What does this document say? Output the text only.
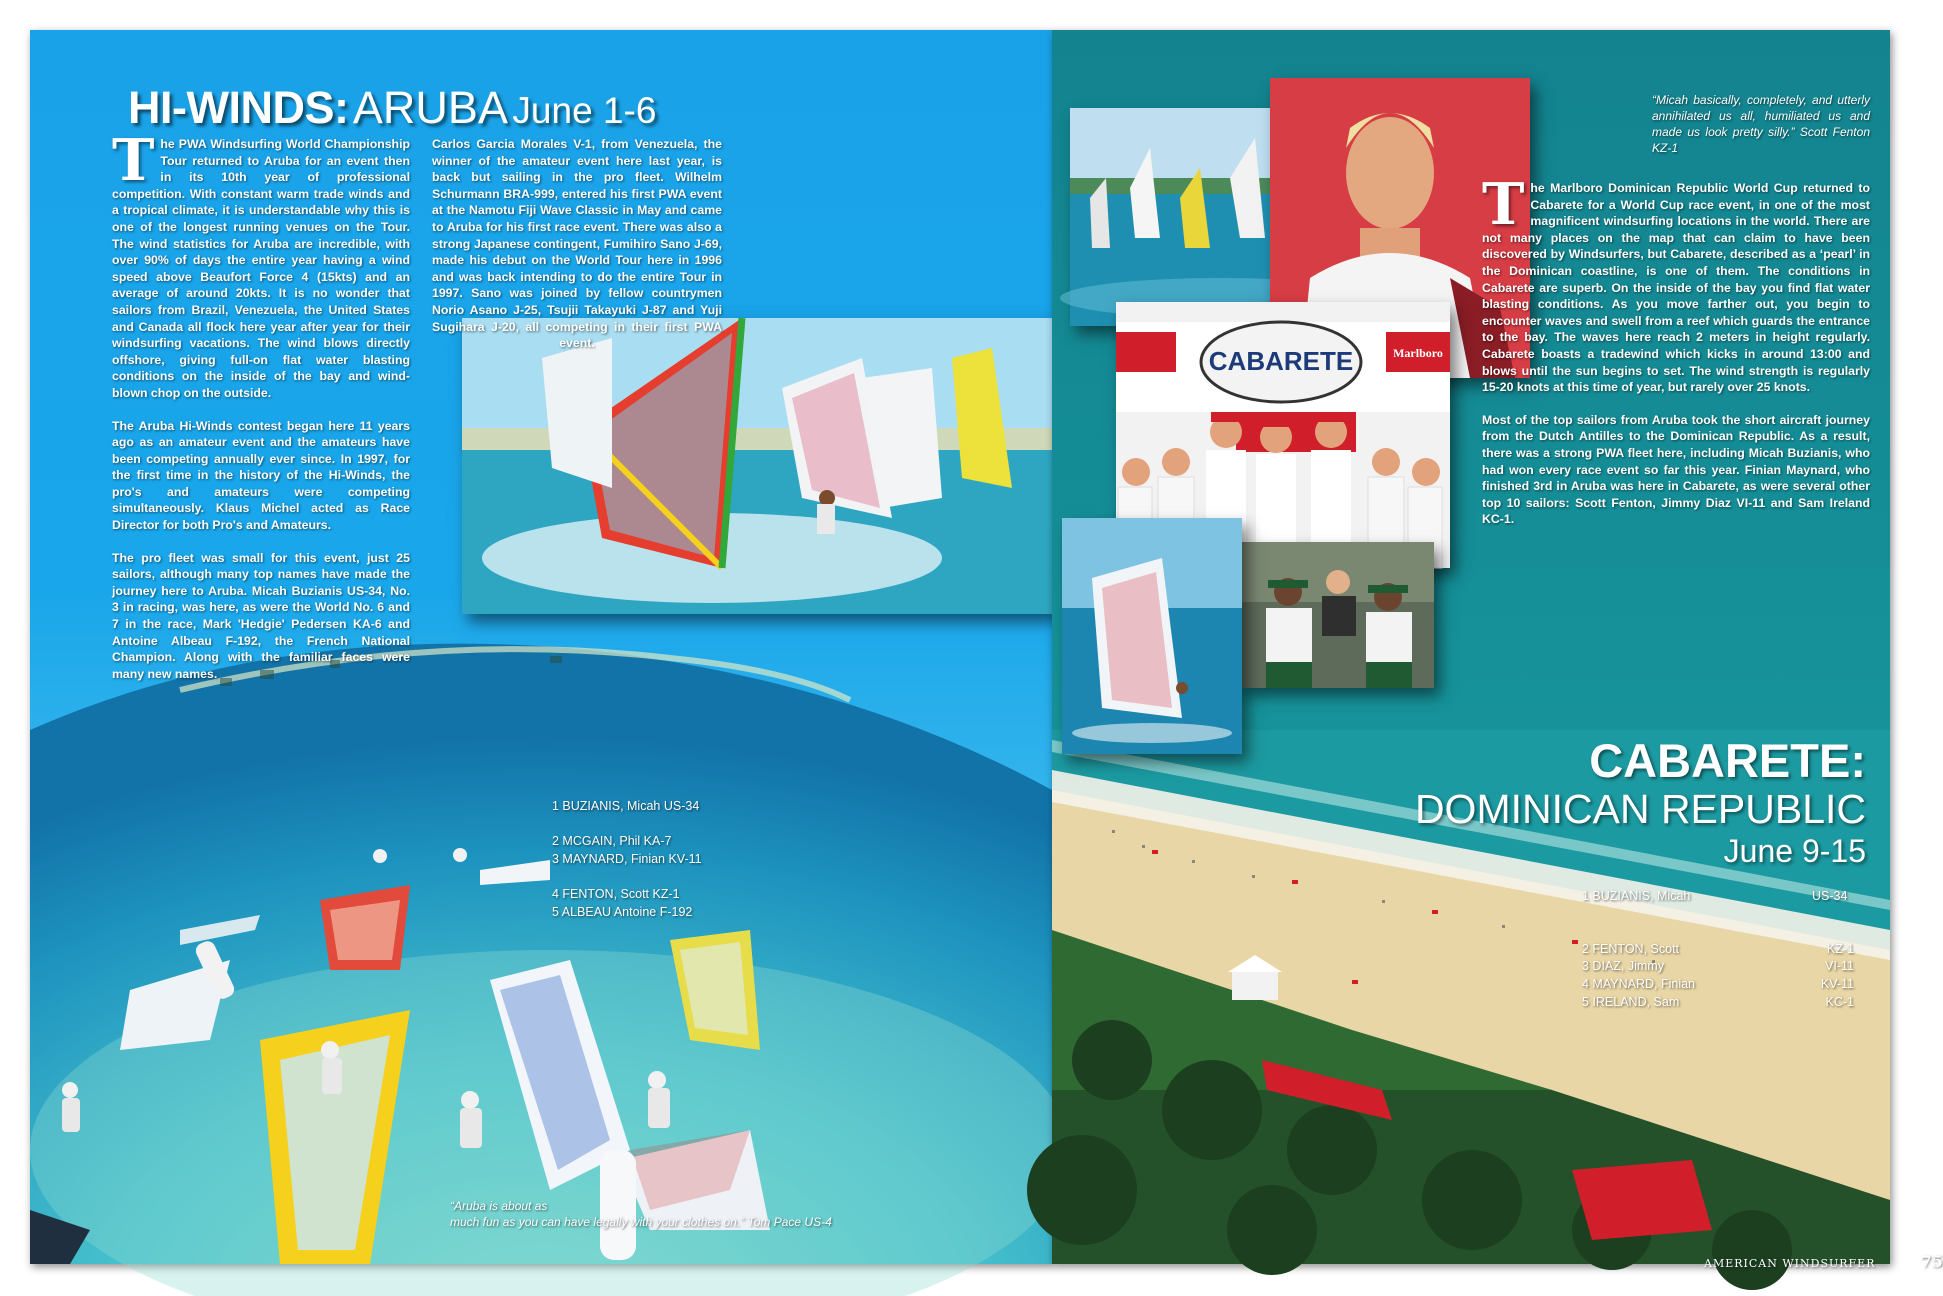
HI-WINDS: ARUBA June 1-6

The PWA Windsurfing World Championship Tour returned to Aruba for an event then in its 10th year of professional competition. With constant warm trade winds and a tropical climate, it is understandable why this is one of the longest running venues on the Tour. The wind statistics for Aruba are incredible, with over 90% of days the entire year having a wind speed above Beaufort Force 4 (15kts) and an average of around 20kts. It is no wonder that sailors from Brazil, Venezuela, the United States and Canada all flock here year after year for their windsurfing vacations. The wind blows directly offshore, giving full-on flat water blasting conditions on the inside of the bay and wind-blown chop on the outside.

The Aruba Hi-Winds contest began here 11 years ago as an amateur event and the amateurs have been competing annually ever since. In 1997, for the first time in the history of the Hi-Winds, the pro's and amateurs were competing simultaneously. Klaus Michel acted as Race Director for both Pro's and Amateurs.

The pro fleet was small for this event, just 25 sailors, although many top names have made the journey here to Aruba. Micah Buzianis US-34, No. 3 in racing, was here, as were the World No. 6 and 7 in the race, Mark 'Hedgie' Pedersen KA-6 and Antoine Albeau F-192, the French National Champion. Along with the familiar faces were many new names.

Carlos Garcia Morales V-1, from Venezuela, the winner of the amateur event here last year, is back but sailing in the pro fleet. Wilhelm Schurmann BRA-999, entered his first PWA event at the Namotu Fiji Wave Classic in May and came to Aruba for his first race event. There was also a strong Japanese contingent, Fumihiro Sano J-69, made his debut on the World Tour here in 1996 and was back intending to do the entire Tour in 1997. Sano was joined by fellow countrymen Norio Asano J-25, Tsujii Takayuki J-87 and Yuji Sugihara J-20, all competing in their first PWA event.

1 BUZIANIS, Micah US-34
2 MCGAIN, Phil KA-7
3 MAYNARD, Finian KV-11
4 FENTON, Scott KZ-1
5 ALBEAU Antoine F-192
“Aruba is about as
much fun as you can have legally with your clothes on.” Tom Pace US-4
CABARETE	Marlboro
“Micah basically, completely, and utterly annihilated us all, humiliated us and made us look pretty silly.” Scott Fenton KZ-1

The Marlboro Dominican Republic World Cup returned to Cabarete for a World Cup race event, in one of the most magnificent windsurfing locations in the world. There are not many places on the map that can claim to have been discovered by Windsurfers, but Cabarete, described as a ‘pearl’ in the Dominican coastline, is one of them. The conditions in Cabarete are superb. On the inside of the bay you find flat water blasting conditions. As you move farther out, you begin to encounter waves and swell from a reef which guards the entrance to the bay. The waves here reach 2 meters in height regularly. Cabarete boasts a tradewind which kicks in around 13:00 and blows until the sun begins to set. The wind strength is regularly 15-20 knots at this time of year, but rarely over 25 knots.

Most of the top sailors from Aruba took the short aircraft journey from the Dutch Antilles to the Dominican Republic. As a result, there was a strong PWA fleet here, including Micah Buzianis, who had won every race event so far this year. Finian Maynard, who finished 3rd in Aruba was here in Cabarete, as were several other top 10 sailors: Scott Fenton, Jimmy Diaz VI-11 and Sam Ireland KC-1.

CABARETE:
DOMINICAN REPUBLIC
June 9-15
1 BUZIANIS, Micah	US-34
2 FENTON, Scott	KZ-1
3 DIAZ, Jimmy	VI-11
4 MAYNARD, Finian	KV-11
5 IRELAND, Sam	KC-1
AMERICAN WINDSURFER	75
